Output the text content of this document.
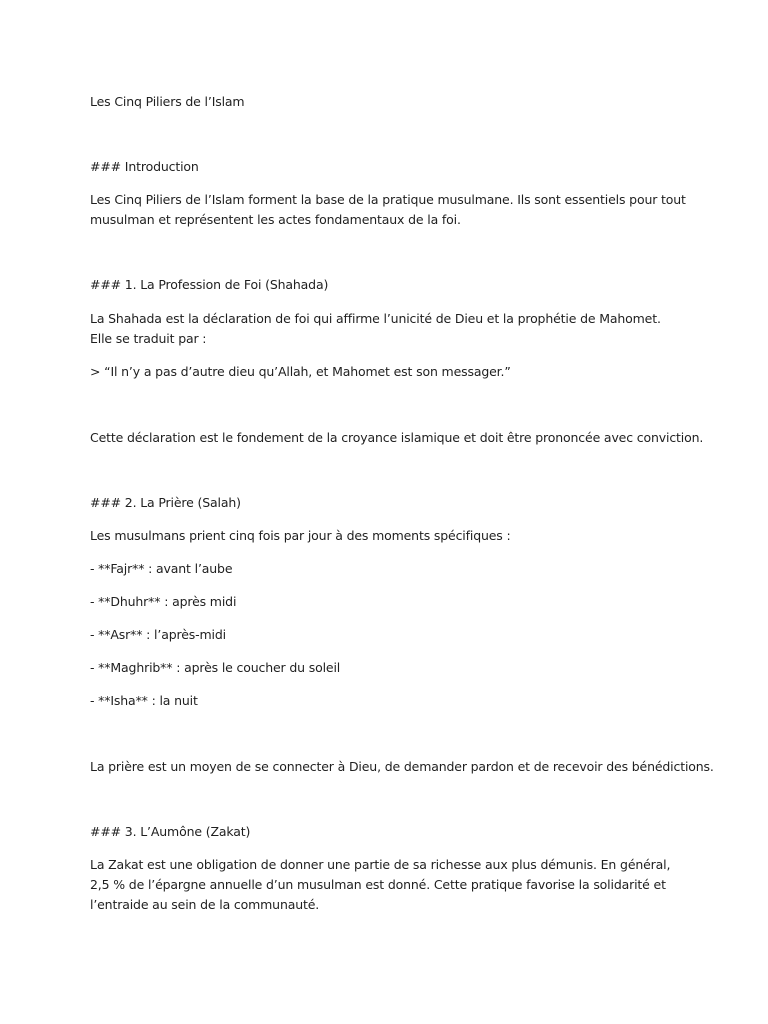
Les Cinq Piliers de l’Islam
### Introduction
Les Cinq Piliers de l’Islam forment la base de la pratique musulmane. Ils sont essentiels pour tout musulman et représentent les actes fondamentaux de la foi.
### 1. La Profession de Foi (Shahada)
La Shahada est la déclaration de foi qui affirme l’unicité de Dieu et la prophétie de Mahomet. Elle se traduit par :
> “Il n’y a pas d’autre dieu qu’Allah, et Mahomet est son messager.”
Cette déclaration est le fondement de la croyance islamique et doit être prononcée avec conviction.
### 2. La Prière (Salah)
Les musulmans prient cinq fois par jour à des moments spécifiques :
- **Fajr** : avant l’aube
- **Dhuhr** : après midi
- **Asr** : l’après-midi
- **Maghrib** : après le coucher du soleil
- **Isha** : la nuit
La prière est un moyen de se connecter à Dieu, de demander pardon et de recevoir des bénédictions.
### 3. L’Aumône (Zakat)
La Zakat est une obligation de donner une partie de sa richesse aux plus démunis. En général, 2,5 % de l’épargne annuelle d’un musulman est donné. Cette pratique favorise la solidarité et l’entraide au sein de la communauté.
